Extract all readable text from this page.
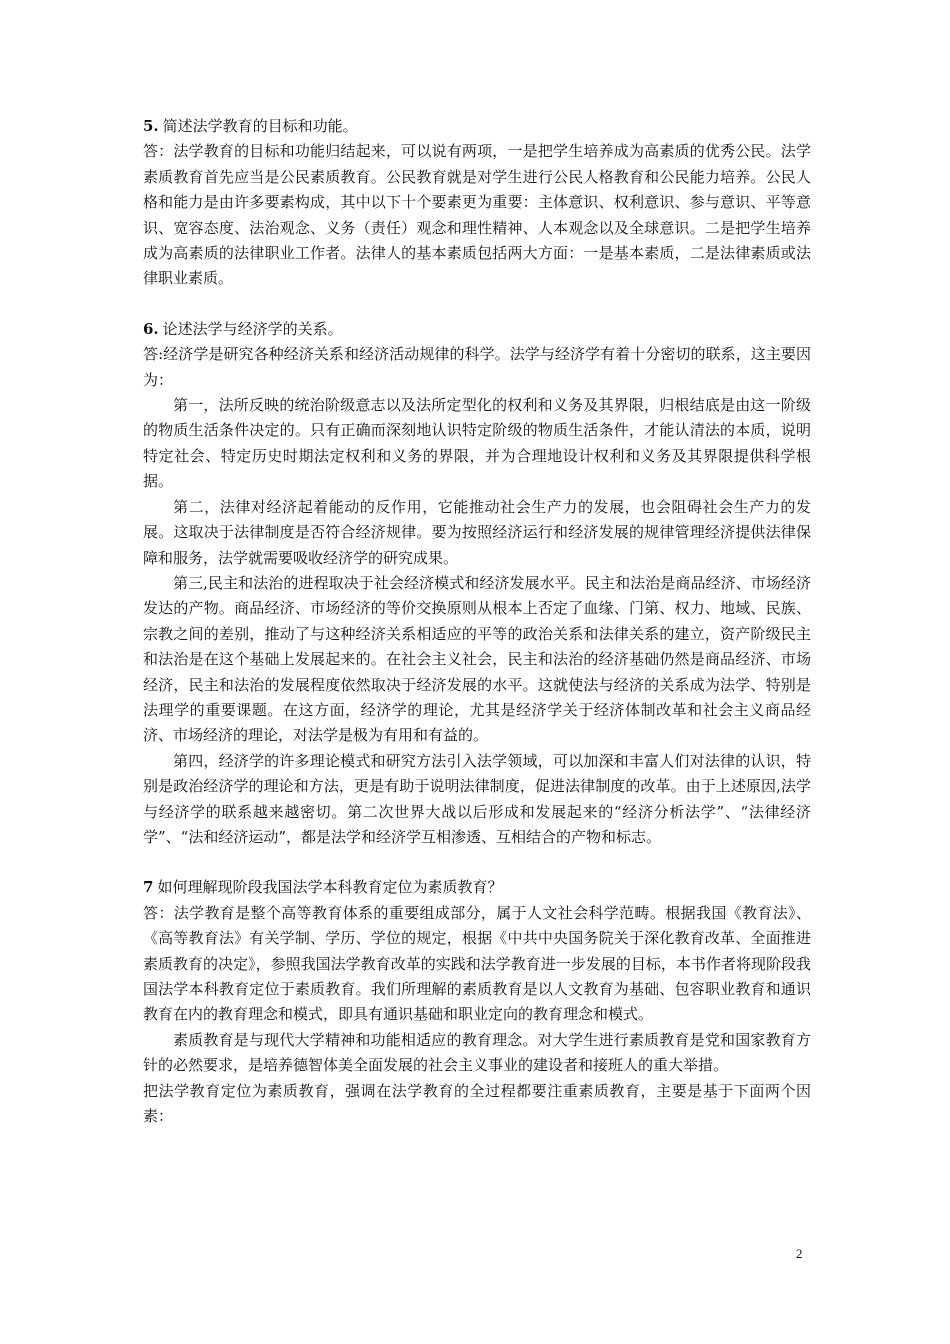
5. 简述法学教育的目标和功能。

答：法学教育的目标和功能归结起来，可以说有两项，一是把学生培养成为高素质的优秀公民。法学素质教育首先应当是公民素质教育。公民教育就是对学生进行公民人格教育和公民能力培养。公民人格和能力是由许多要素构成，其中以下十个要素更为重要：主体意识、权利意识、参与意识、平等意识、宽容态度、法治观念、义务（责任）观念和理性精神、人本观念以及全球意识。二是把学生培养成为高素质的法律职业工作者。法律人的基本素质包括两大方面：一是基本素质，二是法律素质或法律职业素质。

6. 论述法学与经济学的关系。

答:经济学是研究各种经济关系和经济活动规律的科学。法学与经济学有着十分密切的联系，这主要因为：

第一，法所反映的统治阶级意志以及法所定型化的权利和义务及其界限，归根结底是由这一阶级的物质生活条件决定的。只有正确而深刻地认识特定阶级的物质生活条件，才能认清法的本质，说明特定社会、特定历史时期法定权利和义务的界限，并为合理地设计权利和义务及其界限提供科学根据。

第二，法律对经济起着能动的反作用，它能推动社会生产力的发展，也会阻碍社会生产力的发展。这取决于法律制度是否符合经济规律。要为按照经济运行和经济发展的规律管理经济提供法律保障和服务，法学就需要吸收经济学的研究成果。

第三,民主和法治的进程取决于社会经济模式和经济发展水平。民主和法治是商品经济、市场经济发达的产物。商品经济、市场经济的等价交换原则从根本上否定了血缘、门第、权力、地域、民族、宗教之间的差别，推动了与这种经济关系相适应的平等的政治关系和法律关系的建立，资产阶级民主和法治是在这个基础上发展起来的。在社会主义社会，民主和法治的经济基础仍然是商品经济、市场经济，民主和法治的发展程度依然取决于经济发展的水平。这就使法与经济的关系成为法学、特别是法理学的重要课题。在这方面，经济学的理论，尤其是经济学关于经济体制改革和社会主义商品经济、市场经济的理论，对法学是极为有用和有益的。

第四，经济学的许多理论模式和研究方法引入法学领域，可以加深和丰富人们对法律的认识，特别是政治经济学的理论和方法，更是有助于说明法律制度，促进法律制度的改革。由于上述原因,法学与经济学的联系越来越密切。第二次世界大战以后形成和发展起来的“经济分析法学”、“法律经济学”、“法和经济运动”，都是法学和经济学互相渗透、互相结合的产物和标志。

7 如何理解现阶段我国法学本科教育定位为素质教育？

答：法学教育是整个高等教育体系的重要组成部分，属于人文社会科学范畴。根据我国《教育法》、《高等教育法》有关学制、学历、学位的规定，根据《中共中央国务院关于深化教育改革、全面推进素质教育的决定》，参照我国法学教育改革的实践和法学教育进一步发展的目标，本书作者将现阶段我国法学本科教育定位于素质教育。我们所理解的素质教育是以人文教育为基础、包容职业教育和通识教育在内的教育理念和模式，即具有通识基础和职业定向的教育理念和模式。

素质教育是与现代大学精神和功能相适应的教育理念。对大学生进行素质教育是党和国家教育方针的必然要求，是培养德智体美全面发展的社会主义事业的建设者和接班人的重大举措。

把法学教育定位为素质教育，强调在法学教育的全过程都要注重素质教育，主要是基于下面两个因素：

2
